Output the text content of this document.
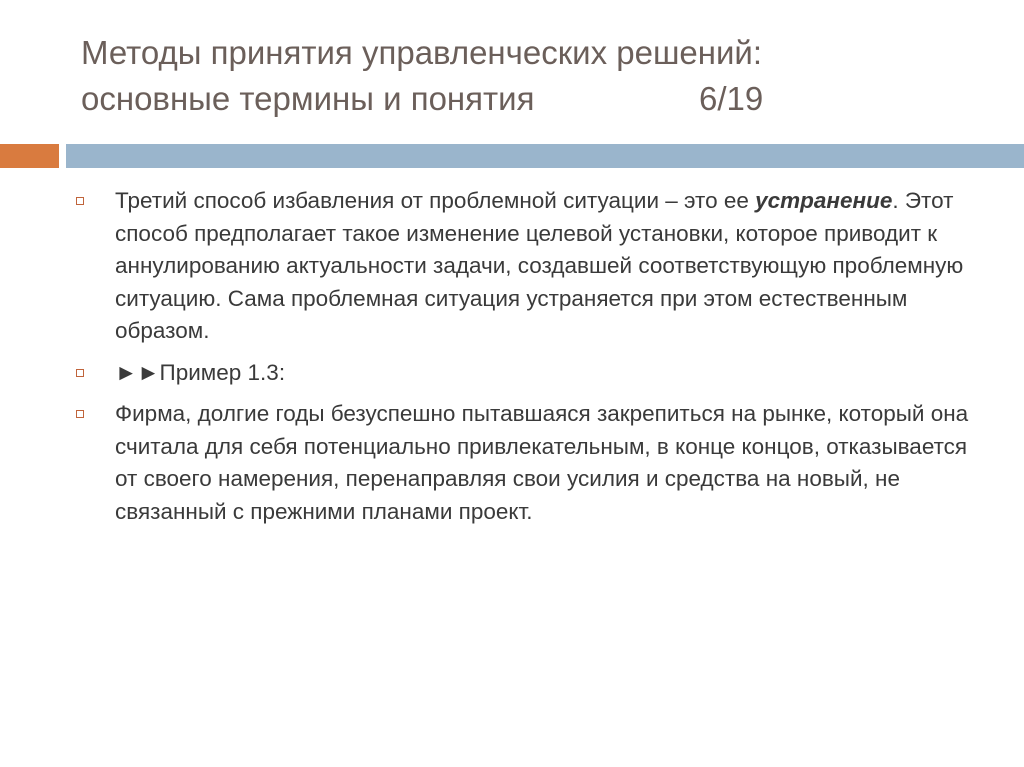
Методы принятия управленческих решений:
основные термины и понятия	6/19
Третий способ избавления от проблемной ситуации – это ее устранение. Этот способ предполагает такое изменение целевой установки, которое приводит к аннулированию актуальности задачи, создавшей соответствующую проблемную ситуацию. Сама проблемная ситуация устраняется при этом естественным образом.
►►Пример 1.3:
Фирма, долгие годы безуспешно пытавшаяся закрепиться на рынке, который она считала для себя потенциально привлекательным, в конце концов, отказывается от своего намерения, перенаправляя свои усилия и средства на новый, не связанный с прежними планами проект.
